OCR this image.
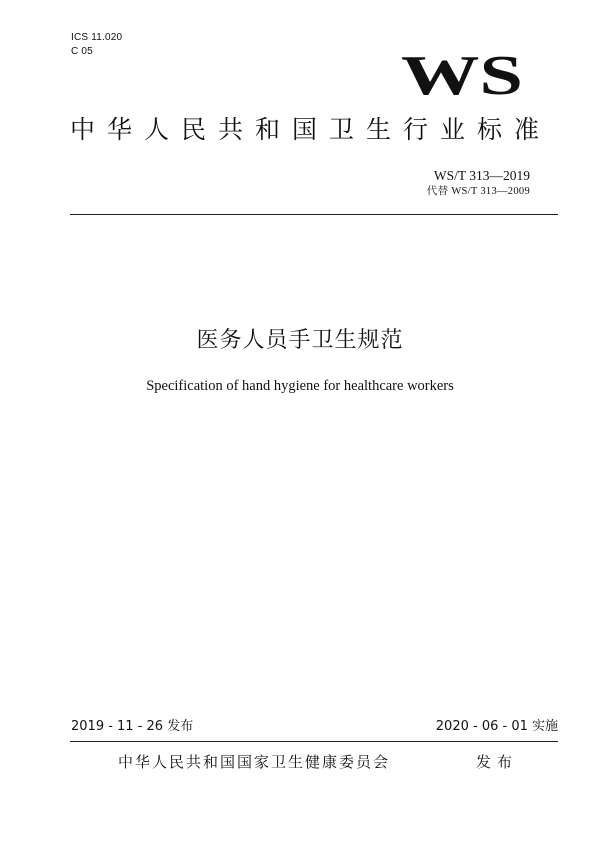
ICS 11.020
C 05	WS
中华人民共和国卫生行业标准
WS/T 313—2019
代替 WS/T 313—2009
医务人员手卫生规范
Specification of hand hygiene for healthcare workers
2019 - 11 - 26 发布	2020 - 06 - 01 实施
中华人民共和国国家卫生健康委员会	发布
